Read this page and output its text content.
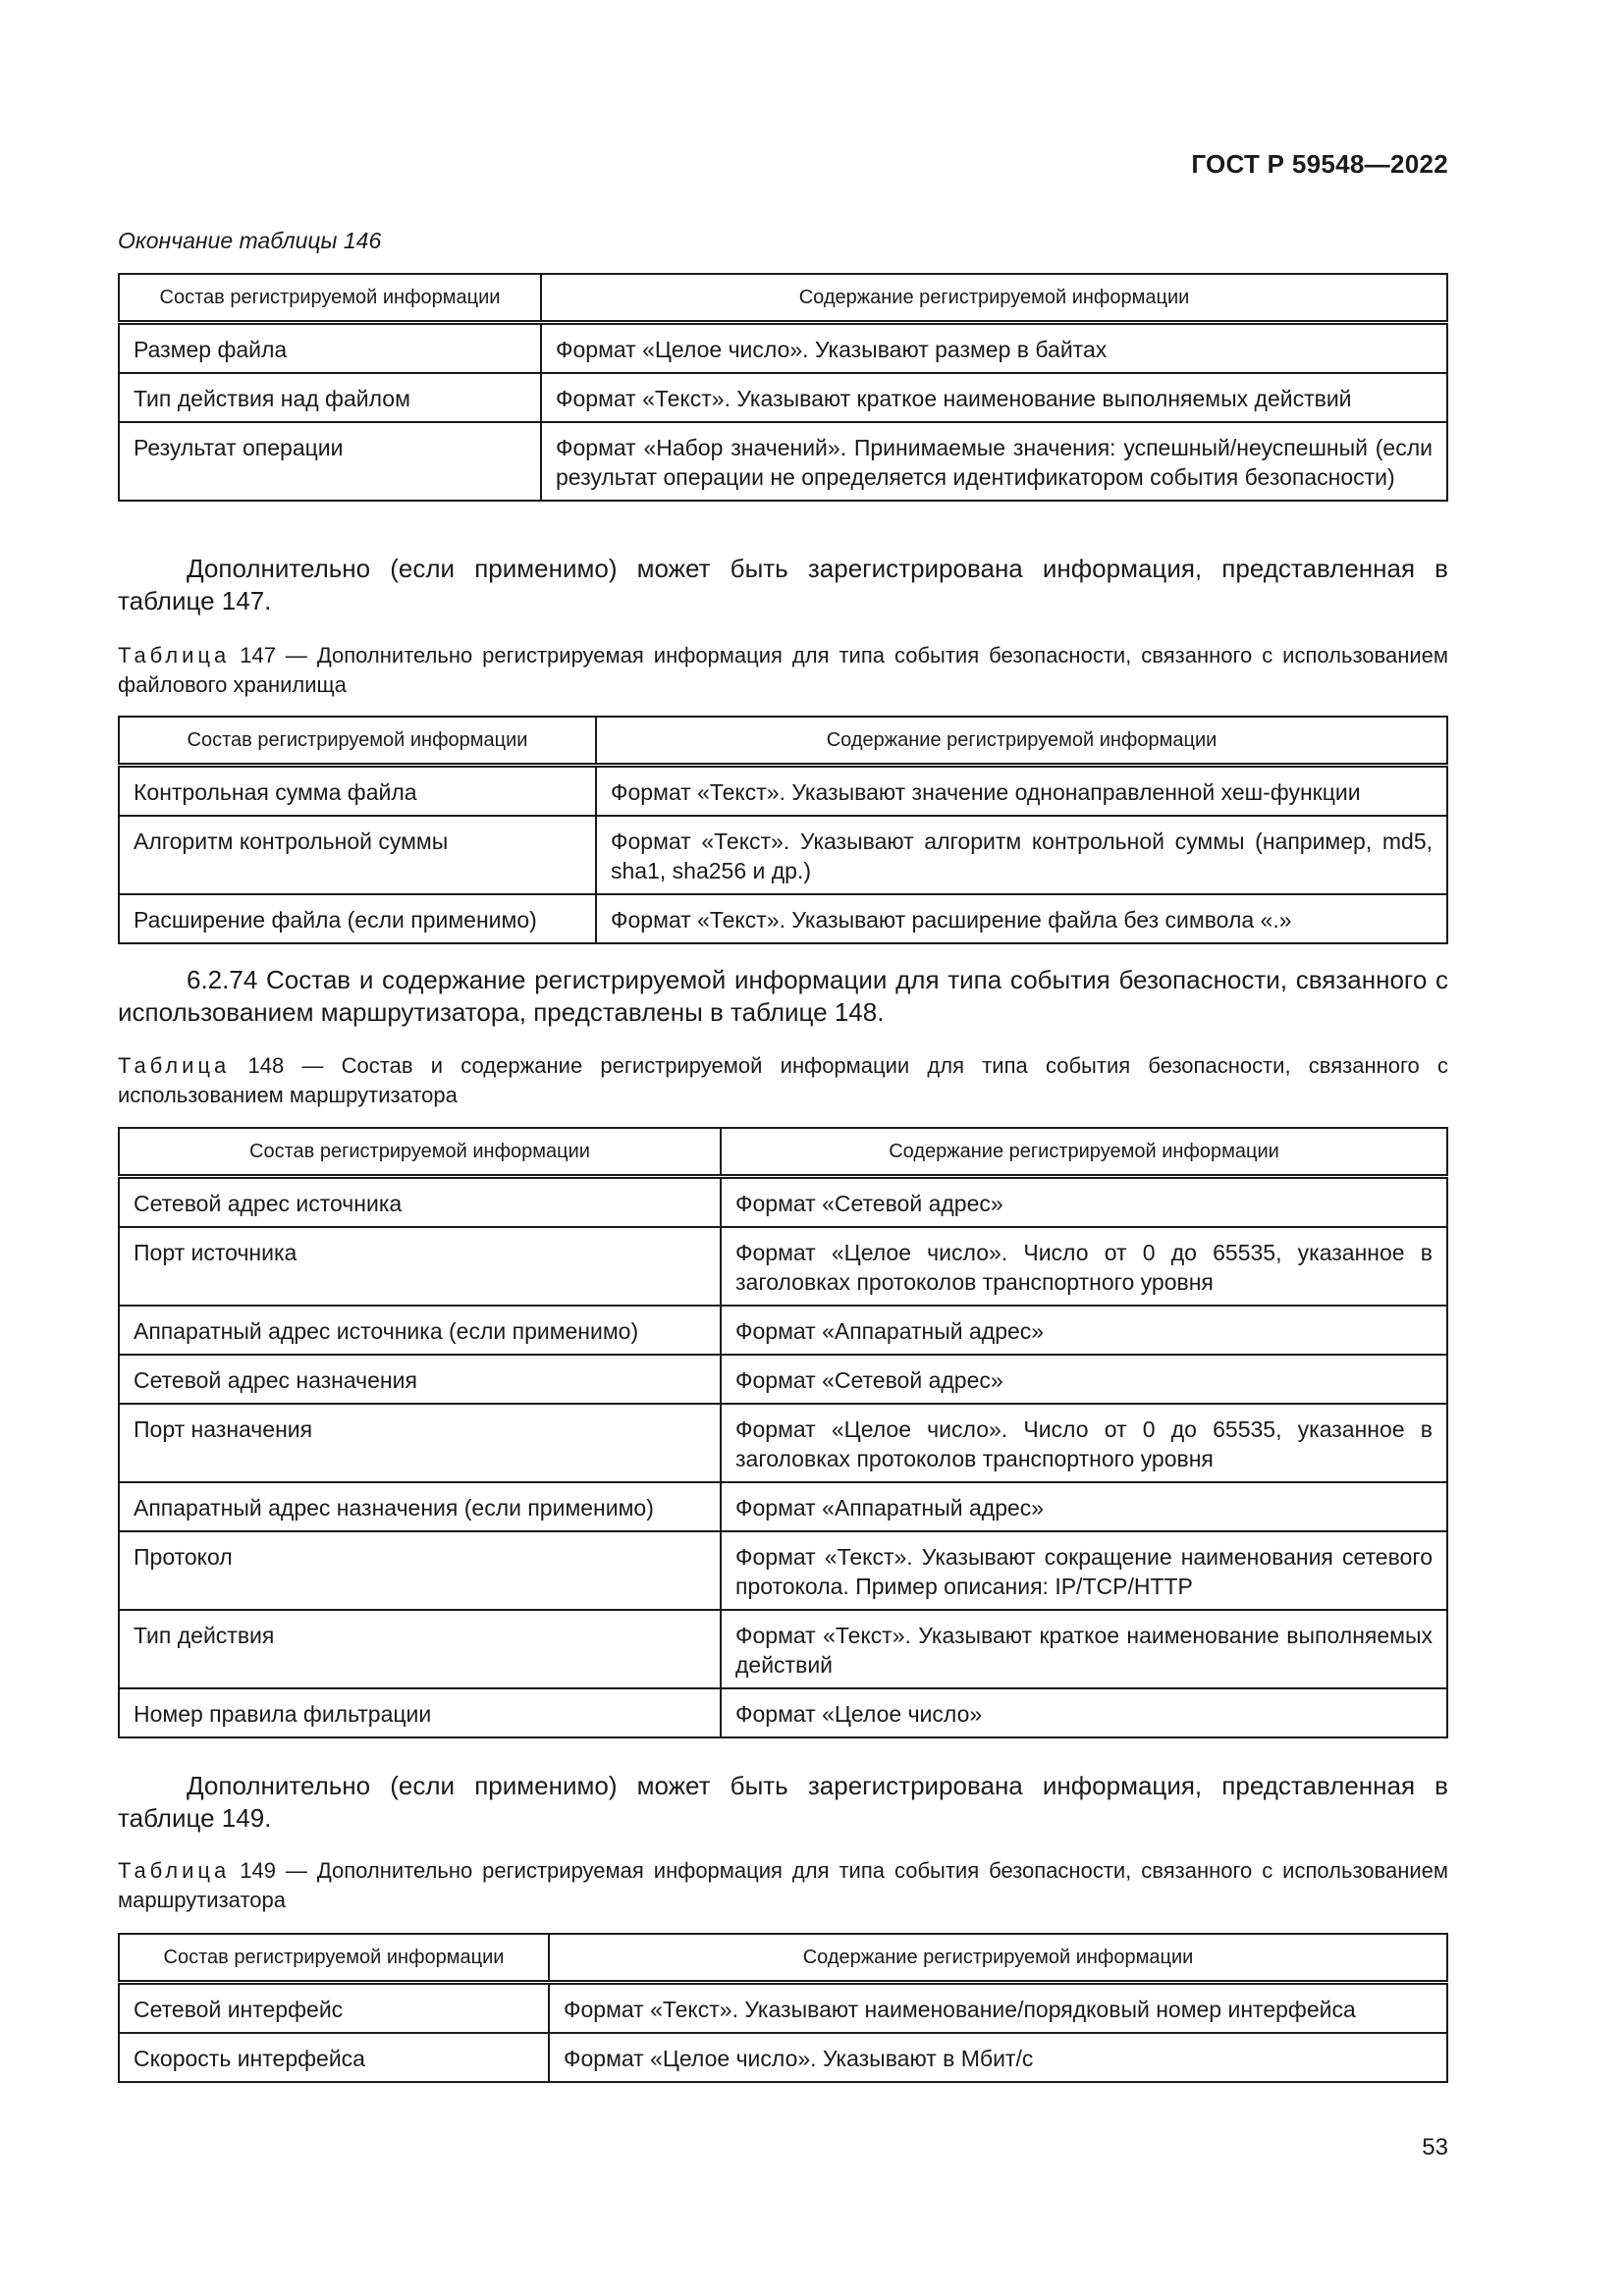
ГОСТ Р 59548—2022
Окончание таблицы 146
Состав регистрируемой информации	Содержание регистрируемой информации
Размер файла	Формат «Целое число». Указывают размер в байтах
Тип действия над файлом	Формат «Текст». Указывают краткое наименование выполняемых действий
Результат операции	Формат «Набор значений». Принимаемые значения: успешный/неуспешный (если результат операции не определяется идентификатором события безопасности)
Дополнительно (если применимо) может быть зарегистрирована информация, представленная в таблице 147.
Таблица 147 — Дополнительно регистрируемая информация для типа события безопасности, связанного с использованием файлового хранилища
Состав регистрируемой информации	Содержание регистрируемой информации
Контрольная сумма файла	Формат «Текст». Указывают значение однонаправленной хеш-функции
Алгоритм контрольной суммы	Формат «Текст». Указывают алгоритм контрольной суммы (например, md5, sha1, sha256 и др.)
Расширение файла (если применимо)	Формат «Текст». Указывают расширение файла без символа «.»
6.2.74 Состав и содержание регистрируемой информации для типа события безопасности, связанного с использованием маршрутизатора, представлены в таблице 148.
Таблица 148 — Состав и содержание регистрируемой информации для типа события безопасности, связанного с использованием маршрутизатора
Состав регистрируемой информации	Содержание регистрируемой информации
Сетевой адрес источника	Формат «Сетевой адрес»
Порт источника	Формат «Целое число». Число от 0 до 65535, указанное в заголовках протоколов транспортного уровня
Аппаратный адрес источника (если применимо)	Формат «Аппаратный адрес»
Сетевой адрес назначения	Формат «Сетевой адрес»
Порт назначения	Формат «Целое число». Число от 0 до 65535, указанное в заголовках протоколов транспортного уровня
Аппаратный адрес назначения (если применимо)	Формат «Аппаратный адрес»
Протокол	Формат «Текст». Указывают сокращение наименования сетевого протокола. Пример описания: IP/TCP/HTTP
Тип действия	Формат «Текст». Указывают краткое наименование выполняемых действий
Номер правила фильтрации	Формат «Целое число»
Дополнительно (если применимо) может быть зарегистрирована информация, представленная в таблице 149.
Таблица 149 — Дополнительно регистрируемая информация для типа события безопасности, связанного с использованием маршрутизатора
Состав регистрируемой информации	Содержание регистрируемой информации
Сетевой интерфейс	Формат «Текст». Указывают наименование/порядковый номер интерфейса
Скорость интерфейса	Формат «Целое число». Указывают в Мбит/с
53
